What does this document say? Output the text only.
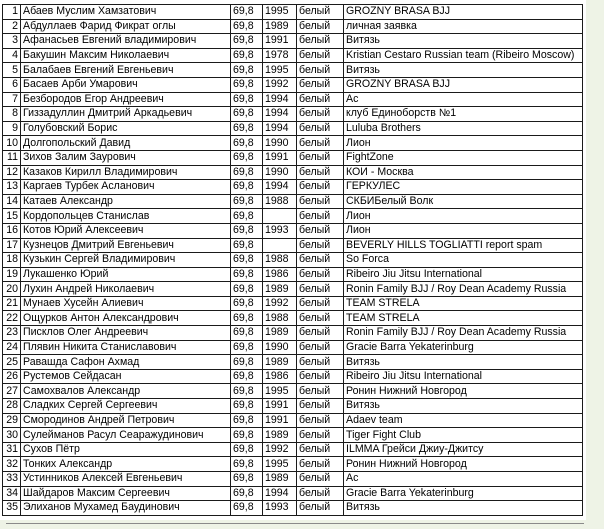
1	Абаев Муслим Хамзатович	69,8	1995	белый	GROZNY BRASA BJJ
2	Абдуллаев Фарид Фикрат оглы	69,8	1989	белый	личная заявка
3	Афанасьев Евгений владимирович	69,8	1991	белый	Витязь
4	Бакушин Максим Николаевич	69,8	1978	белый	Kristian Cestaro Russian team (Ribeiro Moscow)
5	Балабаев Евгений Евгеньевич	69,8	1995	белый	Витязь
6	Басаев Арби Умарович	69,8	1992	белый	GROZNY BRASA BJJ
7	Безбородов Егор Андреевич	69,8	1994	белый	Ac
8	Гиззадуллин Дмитрий Аркадьевич	69,8	1994	белый	клуб Единоборств №1
9	Голубовский Борис	69,8	1994	белый	Luluba Brothers
10	Долгопольский Давид	69,8	1990	белый	Лион
11	Зихов Залим Заурович	69,8	1991	белый	FightZone
12	Казаков Кирилл Владимирович	69,8	1990	белый	КОИ - Москва
13	Каргаев Турбек Асланович	69,8	1994	белый	ГЕРКУЛЕС
14	Катаев Александр	69,8	1988	белый	СКБИБелый Волк
15	Кордопольцев Станислав	69,8		белый	Лион
16	Котов Юрий Алексеевич	69,8	1993	белый	Лион
17	Кузнецов Дмитрий Евгеньевич	69,8		белый	BEVERLY HILLS TOGLIATTI report spam
18	Кузькин Сергей Владимирович	69,8	1988	белый	So Forca
19	Лукашенко Юрий	69,8	1986	белый	Ribeiro Jiu Jitsu International
20	Лухин Андрей Николаевич	69,8	1989	белый	Ronin Family BJJ / Roy Dean Academy Russia
21	Мунаев Хусейн Алиевич	69,8	1992	белый	TEAM STRELA
22	Ощурков Антон Александрович	69,8	1988	белый	TEAM STRELA
23	Писклов Олег Андреевич	69,8	1989	белый	Ronin Family BJJ / Roy Dean Academy Russia
24	Плявин Никита Станиславович	69,8	1990	белый	Gracie Barra Yekaterinburg
25	Равашда Сафон Ахмад	69,8	1989	белый	Витязь
26	Рустемов Сейдасан	69,8	1986	белый	Ribeiro Jiu Jitsu International
27	Самохвалов Александр	69,8	1995	белый	Ронин Нижний Новгород
28	Сладких Сергей Сергеевич	69,8	1991	белый	Витязь
29	Смородинов Андрей Петрович	69,8	1991	белый	Adaev team
30	Сулейманов Расул Сеаражудинович	69,8	1989	белый	Tiger Fight Club
31	Сухов Пётр	69,8	1992	белый	ILMMA Грейси Джиу-Джитсу
32	Тонких Александр	69,8	1995	белый	Ронин Нижний Новгород
33	Устинников Алексей Евгеньевич	69,8	1989	белый	Ac
34	Шайдаров Максим Сергеевич	69,8	1994	белый	Gracie Barra Yekaterinburg
35	Элиханов Мухамед Баудинович	69,8	1993	белый	Витязь
